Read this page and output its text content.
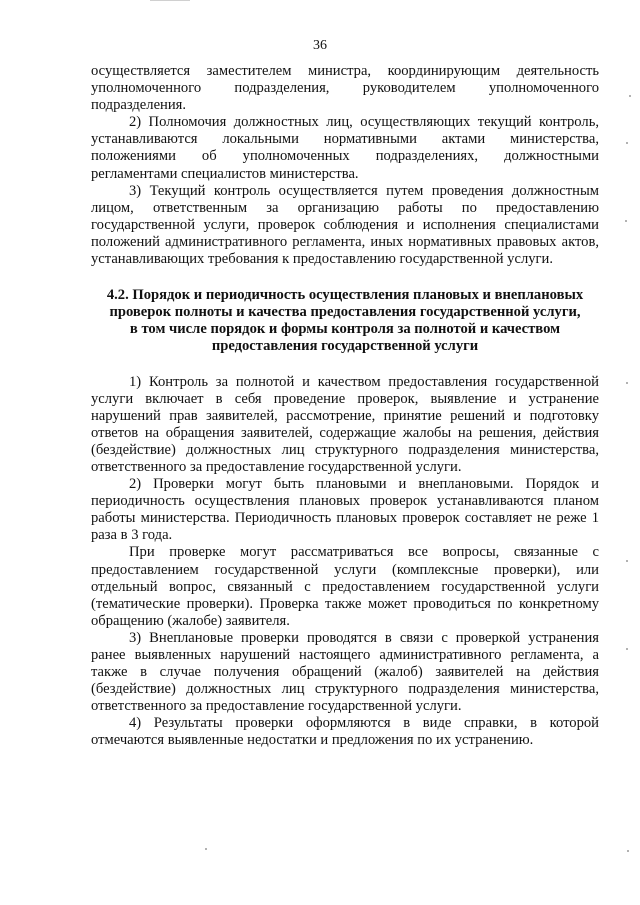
36

осуществляется заместителем министра, координирующим деятельность уполномоченного подразделения, руководителем уполномоченного подразделения.

2) Полномочия должностных лиц, осуществляющих текущий контроль, устанавливаются локальными нормативными актами министерства, положениями об уполномоченных подразделениях, должностными регламентами специалистов министерства.

3) Текущий контроль осуществляется путем проведения должностным лицом, ответственным за организацию работы по предоставлению государственной услуги, проверок соблюдения и исполнения специалистами положений административного регламента, иных нормативных правовых актов, устанавливающих требования к предоставлению государственной услуги.

4.2. Порядок и периодичность осуществления плановых и внеплановых
проверок полноты и качества предоставления государственной услуги,
в том числе порядок и формы контроля за полнотой и качеством
предоставления государственной услуги

1) Контроль за полнотой и качеством предоставления государственной услуги включает в себя проведение проверок, выявление и устранение нарушений прав заявителей, рассмотрение, принятие решений и подготовку ответов на обращения заявителей, содержащие жалобы на решения, действия (бездействие) должностных лиц структурного подразделения министерства, ответственного за предоставление государственной услуги.

2) Проверки могут быть плановыми и внеплановыми. Порядок и периодичность осуществления плановых проверок устанавливаются планом работы министерства. Периодичность плановых проверок составляет не реже 1 раза в 3 года.

При проверке могут рассматриваться все вопросы, связанные с предоставлением государственной услуги (комплексные проверки), или отдельный вопрос, связанный с предоставлением государственной услуги (тематические проверки). Проверка также может проводиться по конкретному обращению (жалобе) заявителя.

3) Внеплановые проверки проводятся в связи с проверкой устранения ранее выявленных нарушений настоящего административного регламента, а также в случае получения обращений (жалоб) заявителей на действия (бездействие) должностных лиц структурного подразделения министерства, ответственного за предоставление государственной услуги.

4) Результаты проверки оформляются в виде справки, в которой отмечаются выявленные недостатки и предложения по их устранению.
